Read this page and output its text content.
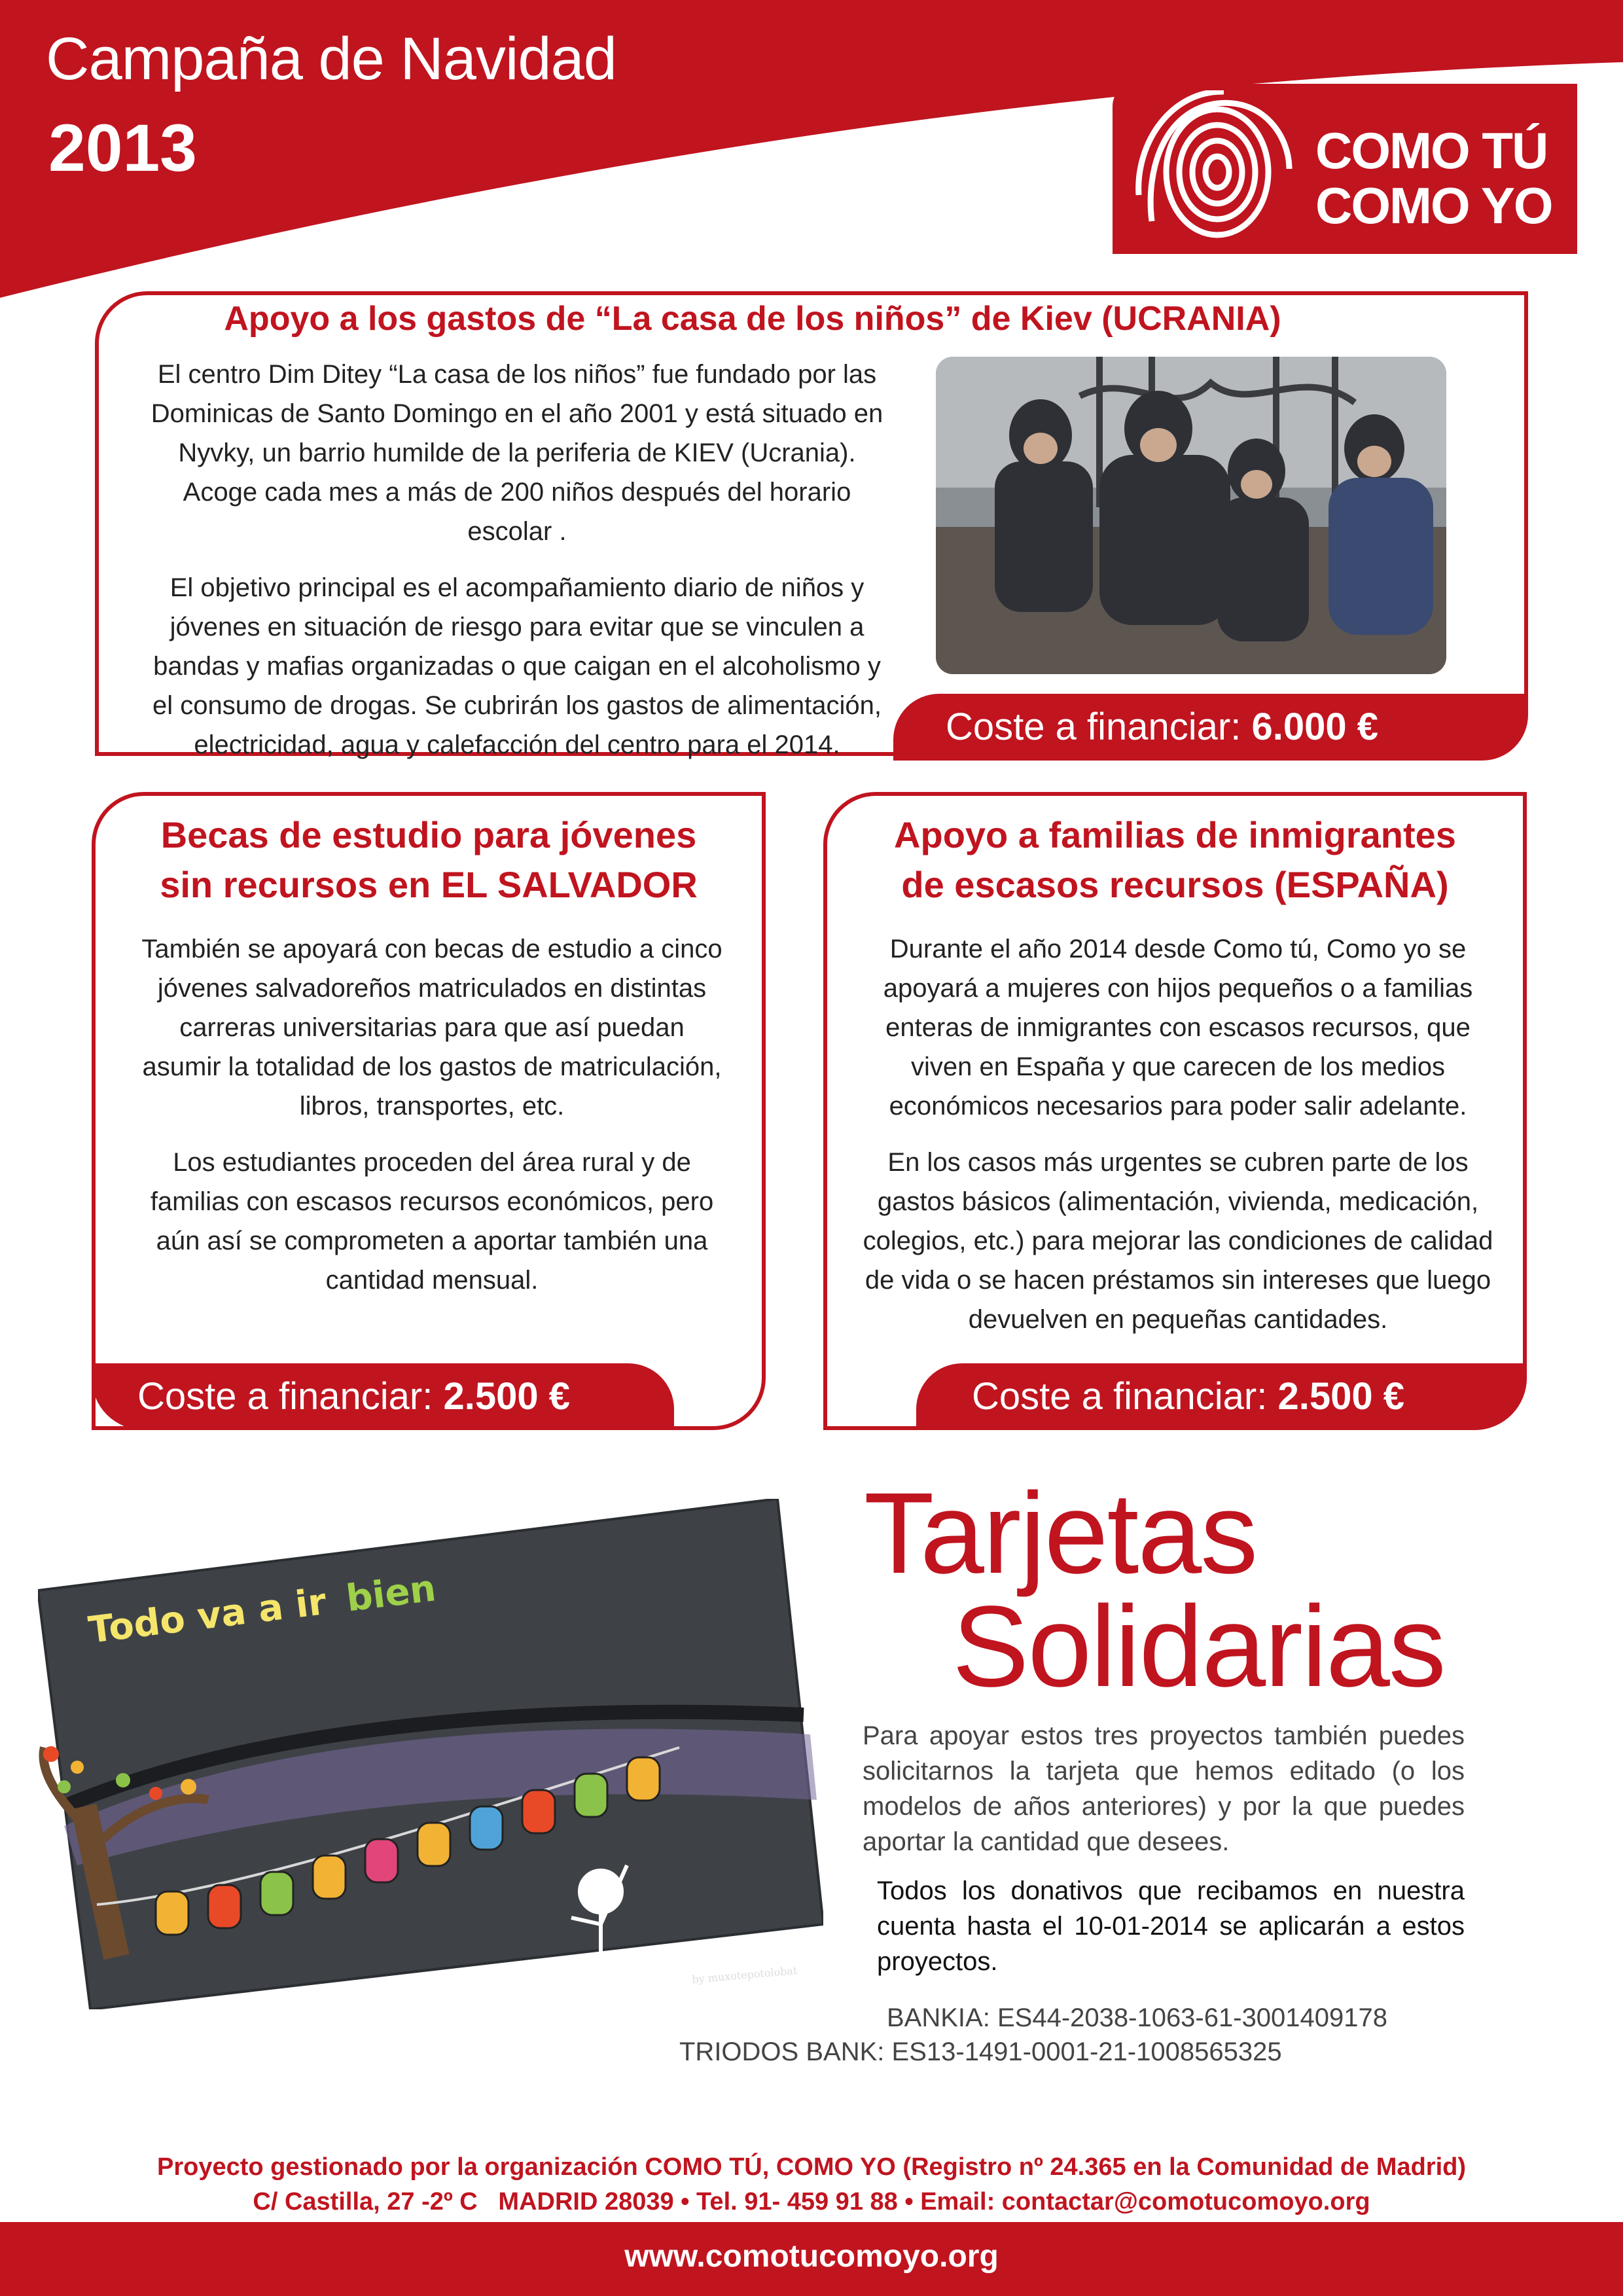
Campaña de Navidad
2013	COMO TÚ
COMO YO
Apoyo a los gastos de “La casa de los niños” de Kiev (UCRANIA)

El centro Dim Ditey “La casa de los niños” fue fundado por las Dominicas de Santo Domingo en el año 2001 y está situado en Nyvky, un barrio humilde de la periferia de KIEV (Ucrania). Acoge cada mes a más de 200 niños después del horario escolar .

El objetivo principal es el acompañamiento diario de niños y jóvenes en situación de riesgo para evitar que se vinculen a bandas y mafias organizadas o que caigan en el alcoholismo y el consumo de drogas. Se cubrirán los gastos de alimentación, electricidad, agua y calefacción del centro para el 2014.	Coste a financiar: 6.000 €
Becas de estudio para jóvenes
sin recursos en EL SALVADOR

También se apoyará con becas de estudio a cinco jóvenes salvadoreños matriculados en distintas carreras universitarias para que así puedan asumir la totalidad de los gastos de matriculación, libros, transportes, etc.

Los estudiantes proceden del área rural y de familias con escasos recursos económicos, pero aún así se comprometen a aportar también una cantidad mensual.

Coste a financiar: 2.500 €
Apoyo a familias de inmigrantes
de escasos recursos (ESPAÑA)

Durante el año 2014 desde Como tú, Como yo se apoyará a mujeres con hijos pequeños o a familias enteras de inmigrantes con escasos recursos, que viven en España y que carecen de los medios económicos necesarios para poder salir adelante.

En los casos más urgentes se cubren parte de los gastos básicos (alimentación, vivienda, medicación, colegios, etc.) para mejorar las condiciones de calidad de vida o se hacen préstamos sin intereses que luego devuelven en pequeñas cantidades.

Coste a financiar: 2.500 €
Todo va a ir bien
by muxotepotolobat
Tarjetas
Solidarias
Para apoyar estos tres proyectos también puedes solicitarnos la tarjeta que hemos editado (o los modelos de años anteriores) y por la que puedes aportar la cantidad que desees.
Todos los donativos que recibamos en nuestra cuenta hasta el 10-01-2014 se aplicarán a estos proyectos.
BANKIA: ES44-2038-1063-61-3001409178
TRIODOS BANK: ES13-1491-0001-21-1008565325
Proyecto gestionado por la organización COMO TÚ, COMO YO (Registro nº 24.365 en la Comunidad de Madrid)
C/ Castilla, 27 -2º C   MADRID 28039 • Tel. 91- 459 91 88 • Email: contactar@comotucomoyo.org
www.comotucomoyo.org
